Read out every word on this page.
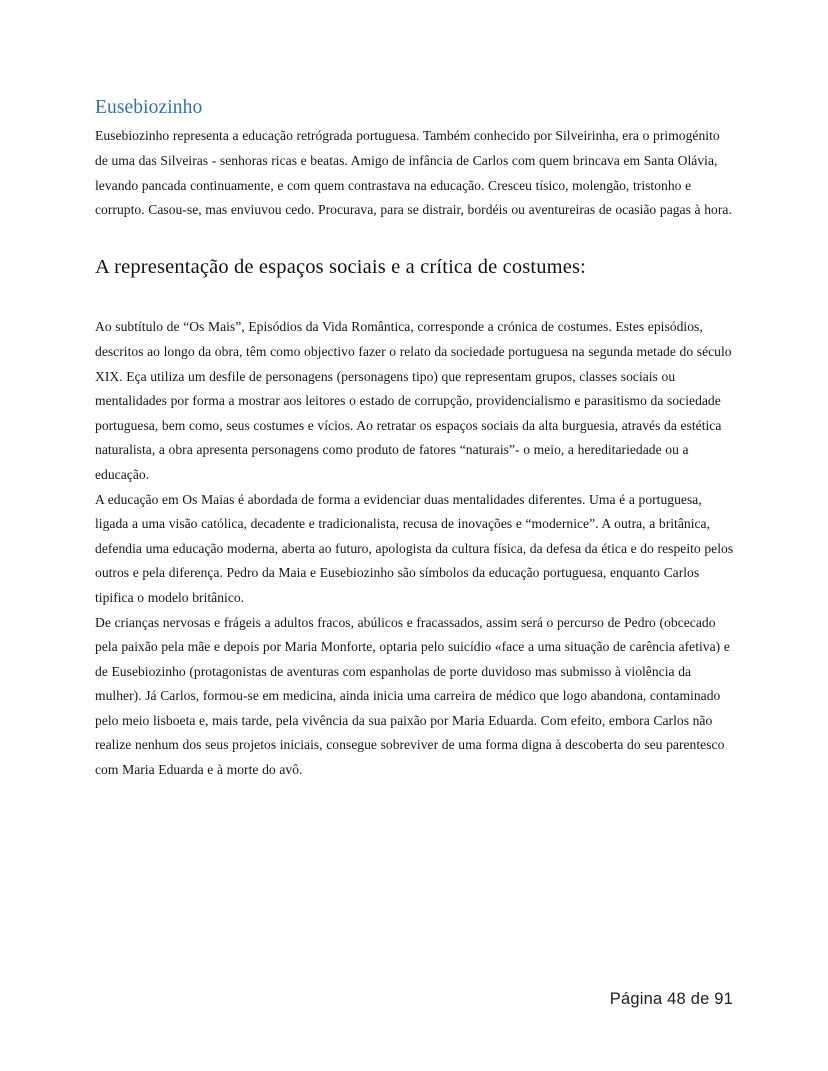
Eusebiozinho

Eusebiozinho representa a educação retrógrada portuguesa. Também conhecido por Silveirinha, era o primogénito de uma das Silveiras - senhoras ricas e beatas. Amigo de infância de Carlos com quem brincava em Santa Olávia, levando pancada continuamente, e com quem contrastava na educação. Cresceu tísico, molengão, tristonho e corrupto. Casou-se, mas enviuvou cedo. Procurava, para se distrair, bordéis ou aventureiras de ocasião pagas à hora.

A representação de espaços sociais e a crítica de costumes:

Ao subtítulo de “Os Mais”, Episódios da Vida Romântica, corresponde a crónica de costumes. Estes episódios, descritos ao longo da obra, têm como objectivo fazer o relato da sociedade portuguesa na segunda metade do século XIX. Eça utiliza um desfile de personagens (personagens tipo) que representam grupos, classes sociais ou mentalidades por forma a mostrar aos leitores o estado de corrupção, providencialismo e parasitismo da sociedade portuguesa, bem como, seus costumes e vícios. Ao retratar os espaços sociais da alta burguesia, através da estética naturalista, a obra apresenta personagens como produto de fatores “naturais”- o meio, a hereditariedade ou a educação.

A educação em Os Maias é abordada de forma a evidenciar duas mentalidades diferentes. Uma é a portuguesa, ligada a uma visão católica, decadente e tradicionalista, recusa de inovações e “modernice”. A outra, a britânica, defendia uma educação moderna, aberta ao futuro, apologista da cultura física, da defesa da ética e do respeito pelos outros e pela diferença. Pedro da Maia e Eusebiozinho são símbolos da educação portuguesa, enquanto Carlos tipifica o modelo britânico.

De crianças nervosas e frágeis a adultos fracos, abúlicos e fracassados, assim será o percurso de Pedro (obcecado pela paixão pela mãe e depois por Maria Monforte, optaria pelo suicídio «face a uma situação de carência afetiva) e de Eusebiozinho (protagonistas de aventuras com espanholas de porte duvidoso mas submisso à violência da mulher). Já Carlos, formou-se em medicina, ainda inicia uma carreira de médico que logo abandona, contaminado pelo meio lisboeta e, mais tarde, pela vivência da sua paixão por Maria Eduarda. Com efeito, embora Carlos não realize nenhum dos seus projetos iniciais, consegue sobreviver de uma forma digna à descoberta do seu parentesco com Maria Eduarda e à morte do avô.

Página 48 de 91
